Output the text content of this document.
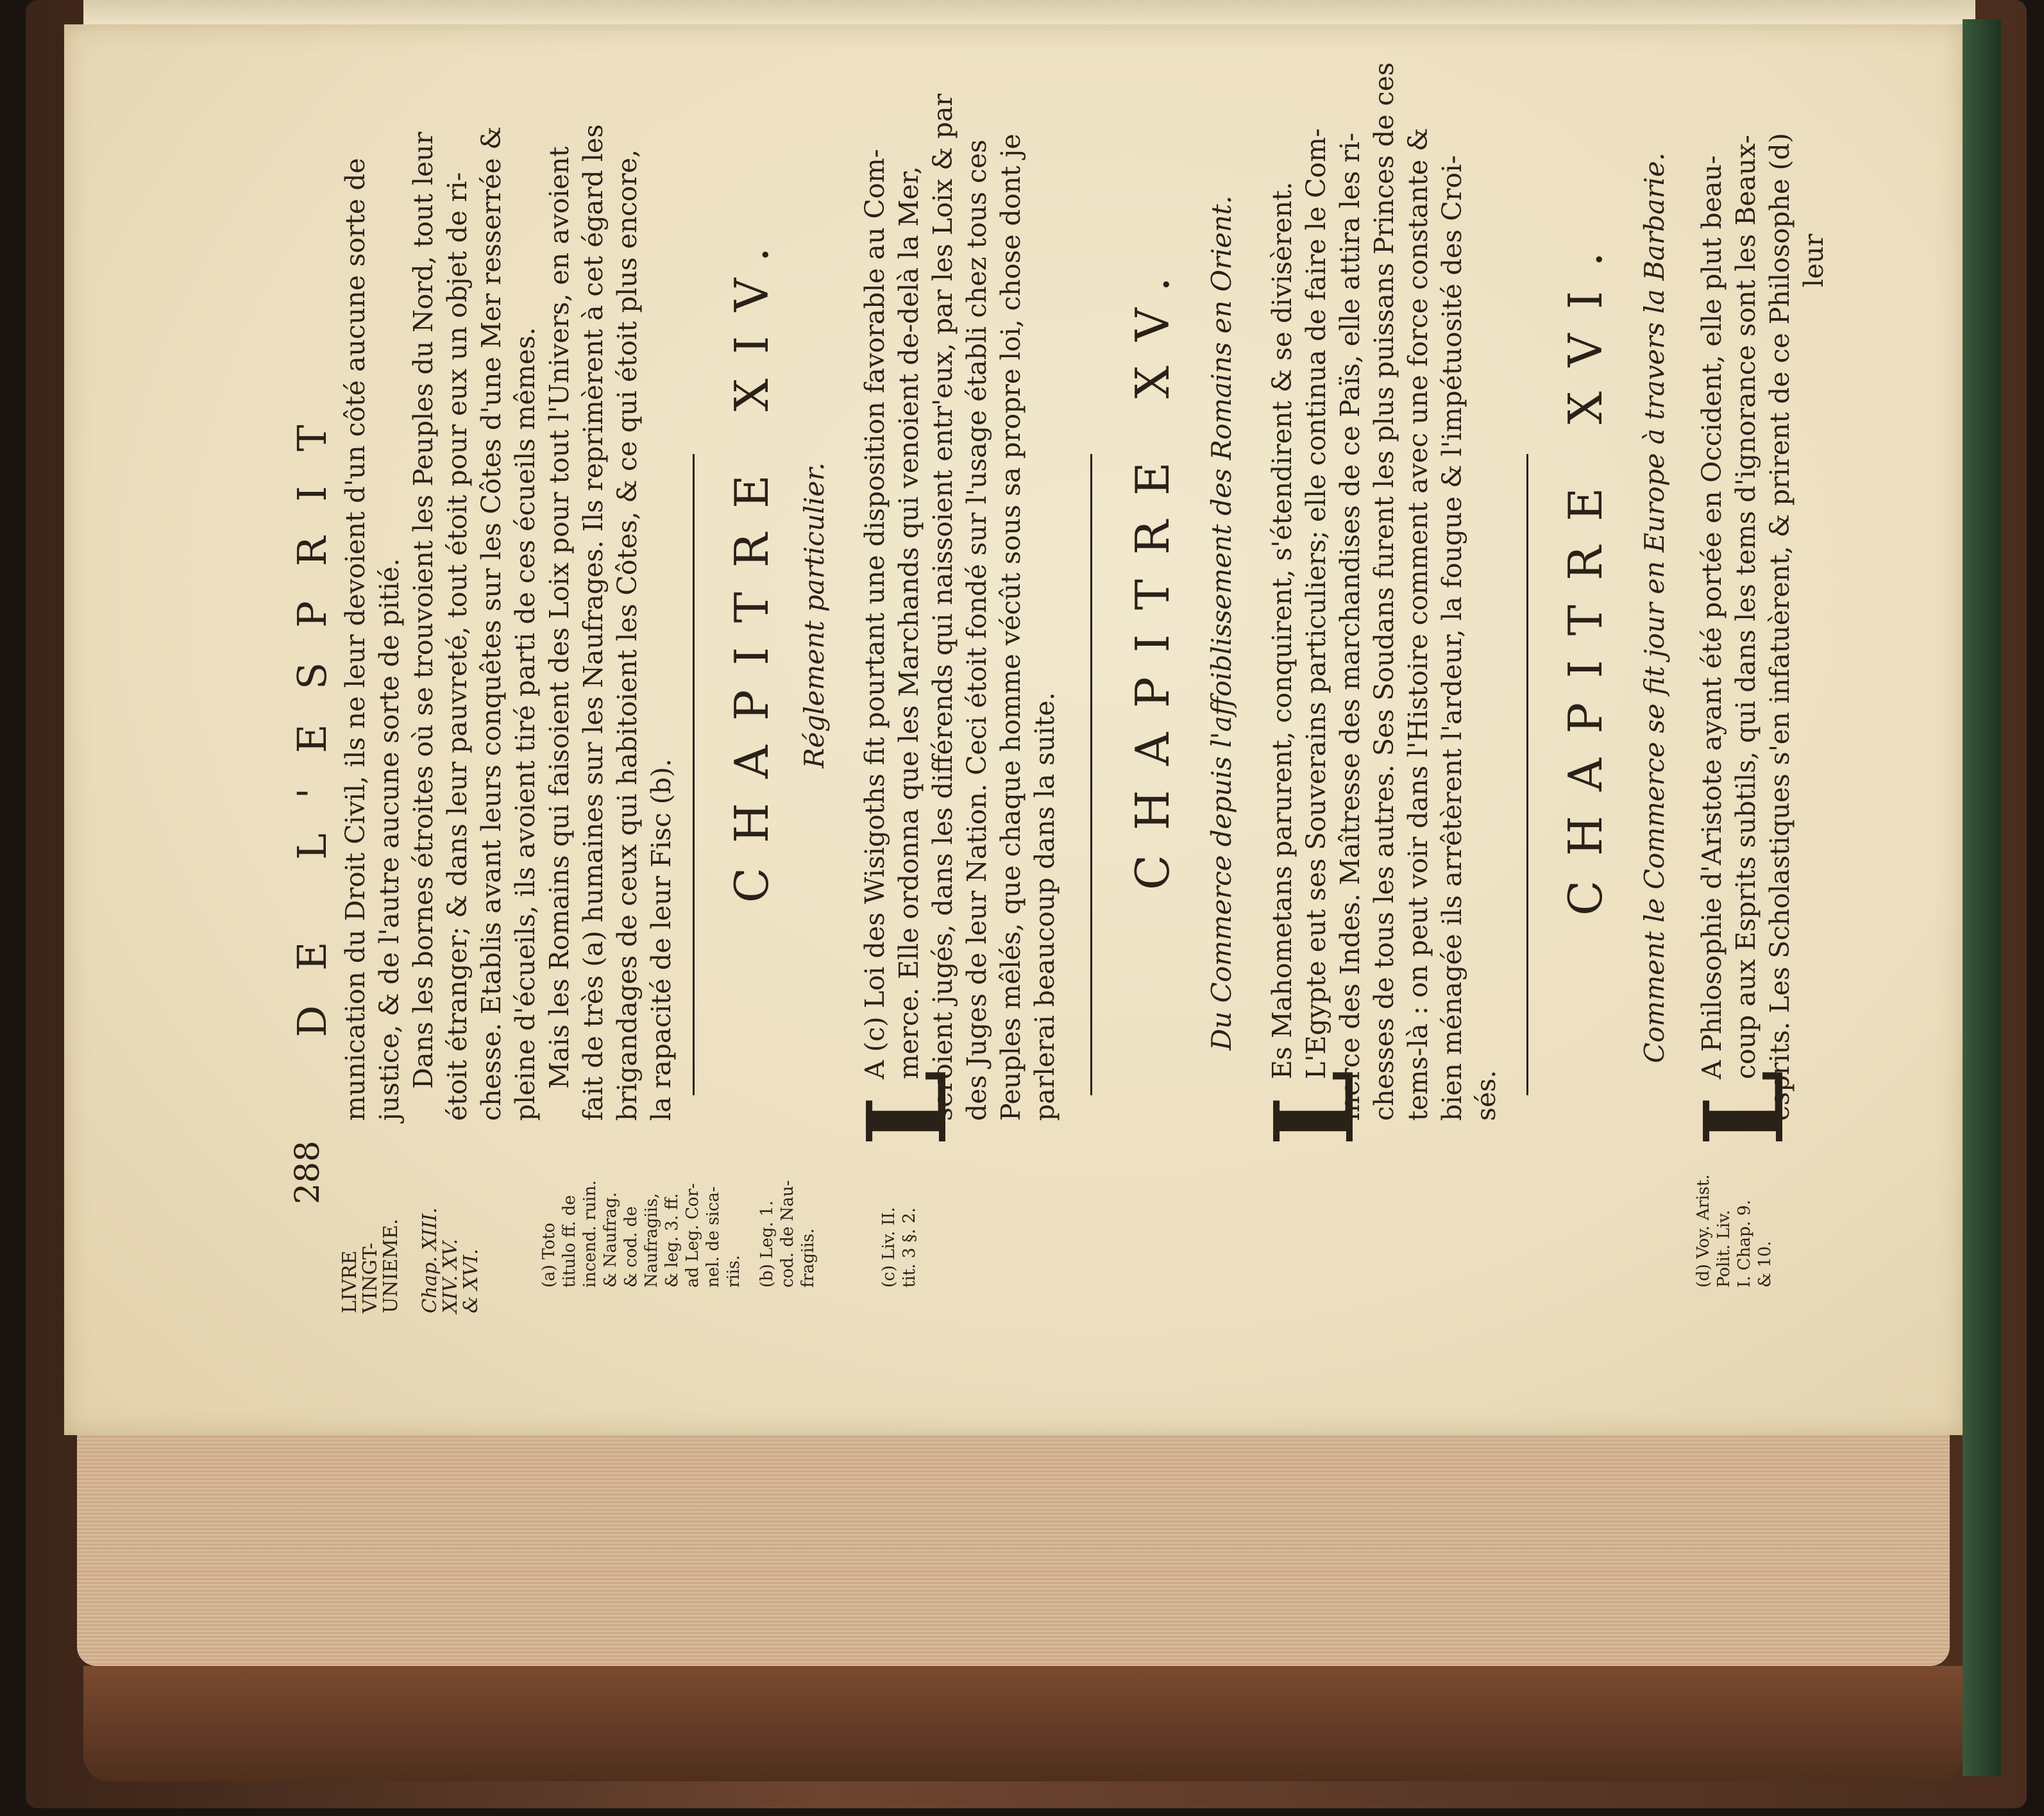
288
DE L'ESPRIT
LIVRE
VINGT-
UNIEME. Chap. XIII.
XIV. XV.
& XVI.	(a) Toto titulo ff. de incend. ruin. & Naufrag. & cod. de Naufragiis, & leg. 3. ff. ad Leg. Cor- nel. de sica- riis. (b) Leg. 1. cod. de Nau- fragiis.	(c) Liv. II. tit. 3 §. 2.	(d) Voy. Arist. Polit. Liv. I. Chap. 9. & 10.
munication du Droit Civil, ils ne leur devoient d'un côté aucune sorte de justice, & de l'autre aucune sorte de pitié. Dans les bornes étroites où se trouvoient les Peuples du Nord, tout leur étoit étranger; & dans leur pauvreté, tout étoit pour eux un objet de ri- chesse. Etablis avant leurs conquêtes sur les Côtes d'une Mer resserrée & pleine d'écueils, ils avoient tiré parti de ces écueils mêmes. Mais les Romains qui faisoient des Loix pour tout l'Univers, en avoient fait de très (a) humaines sur les Naufrages. Ils reprimèrent à cet égard les brigandages de ceux qui habitoient les Côtes, & ce qui étoit plus encore, la rapacité de leur Fisc (b).
CHAPITRE XIV. Réglement particulier.
L
A (c) Loi des Wisigoths fit pourtant une disposition favorable au Com- merce. Elle ordonna que les Marchands qui venoient de-delà la Mer, seroient jugés, dans les différends qui naissoient entr'eux, par les Loix & par des Juges de leur Nation. Ceci étoit fondé sur l'usage établi chez tous ces Peuples mêlés, que chaque homme vécût sous sa propre loi, chose dont je parlerai beaucoup dans la suite.
CHAPITRE XV. Du Commerce depuis l'affoiblissement des Romains en Orient.
L
Es Mahometans parurent, conquirent, s'étendirent & se divisèrent. L'Egypte eut ses Souverains particuliers; elle continua de faire le Com- merce des Indes. Maîtresse des marchandises de ce Païs, elle attira les ri- chesses de tous les autres. Ses Soudans furent les plus puissans Princes de ces tems-là : on peut voir dans l'Histoire comment avec une force constante & bien ménagée ils arrêtèrent l'ardeur, la fougue & l'impétuosité des Croi- sés.
CHAPITRE XVI. Comment le Commerce se fit jour en Europe à travers la Barbarie.
L
A Philosophie d'Aristote ayant été portée en Occident, elle plut beau- coup aux Esprits subtils, qui dans les tems d'ignorance sont les Beaux- esprits. Les Scholastiques s'en infatuèrent, & prirent de ce Philosophe (d) leur
